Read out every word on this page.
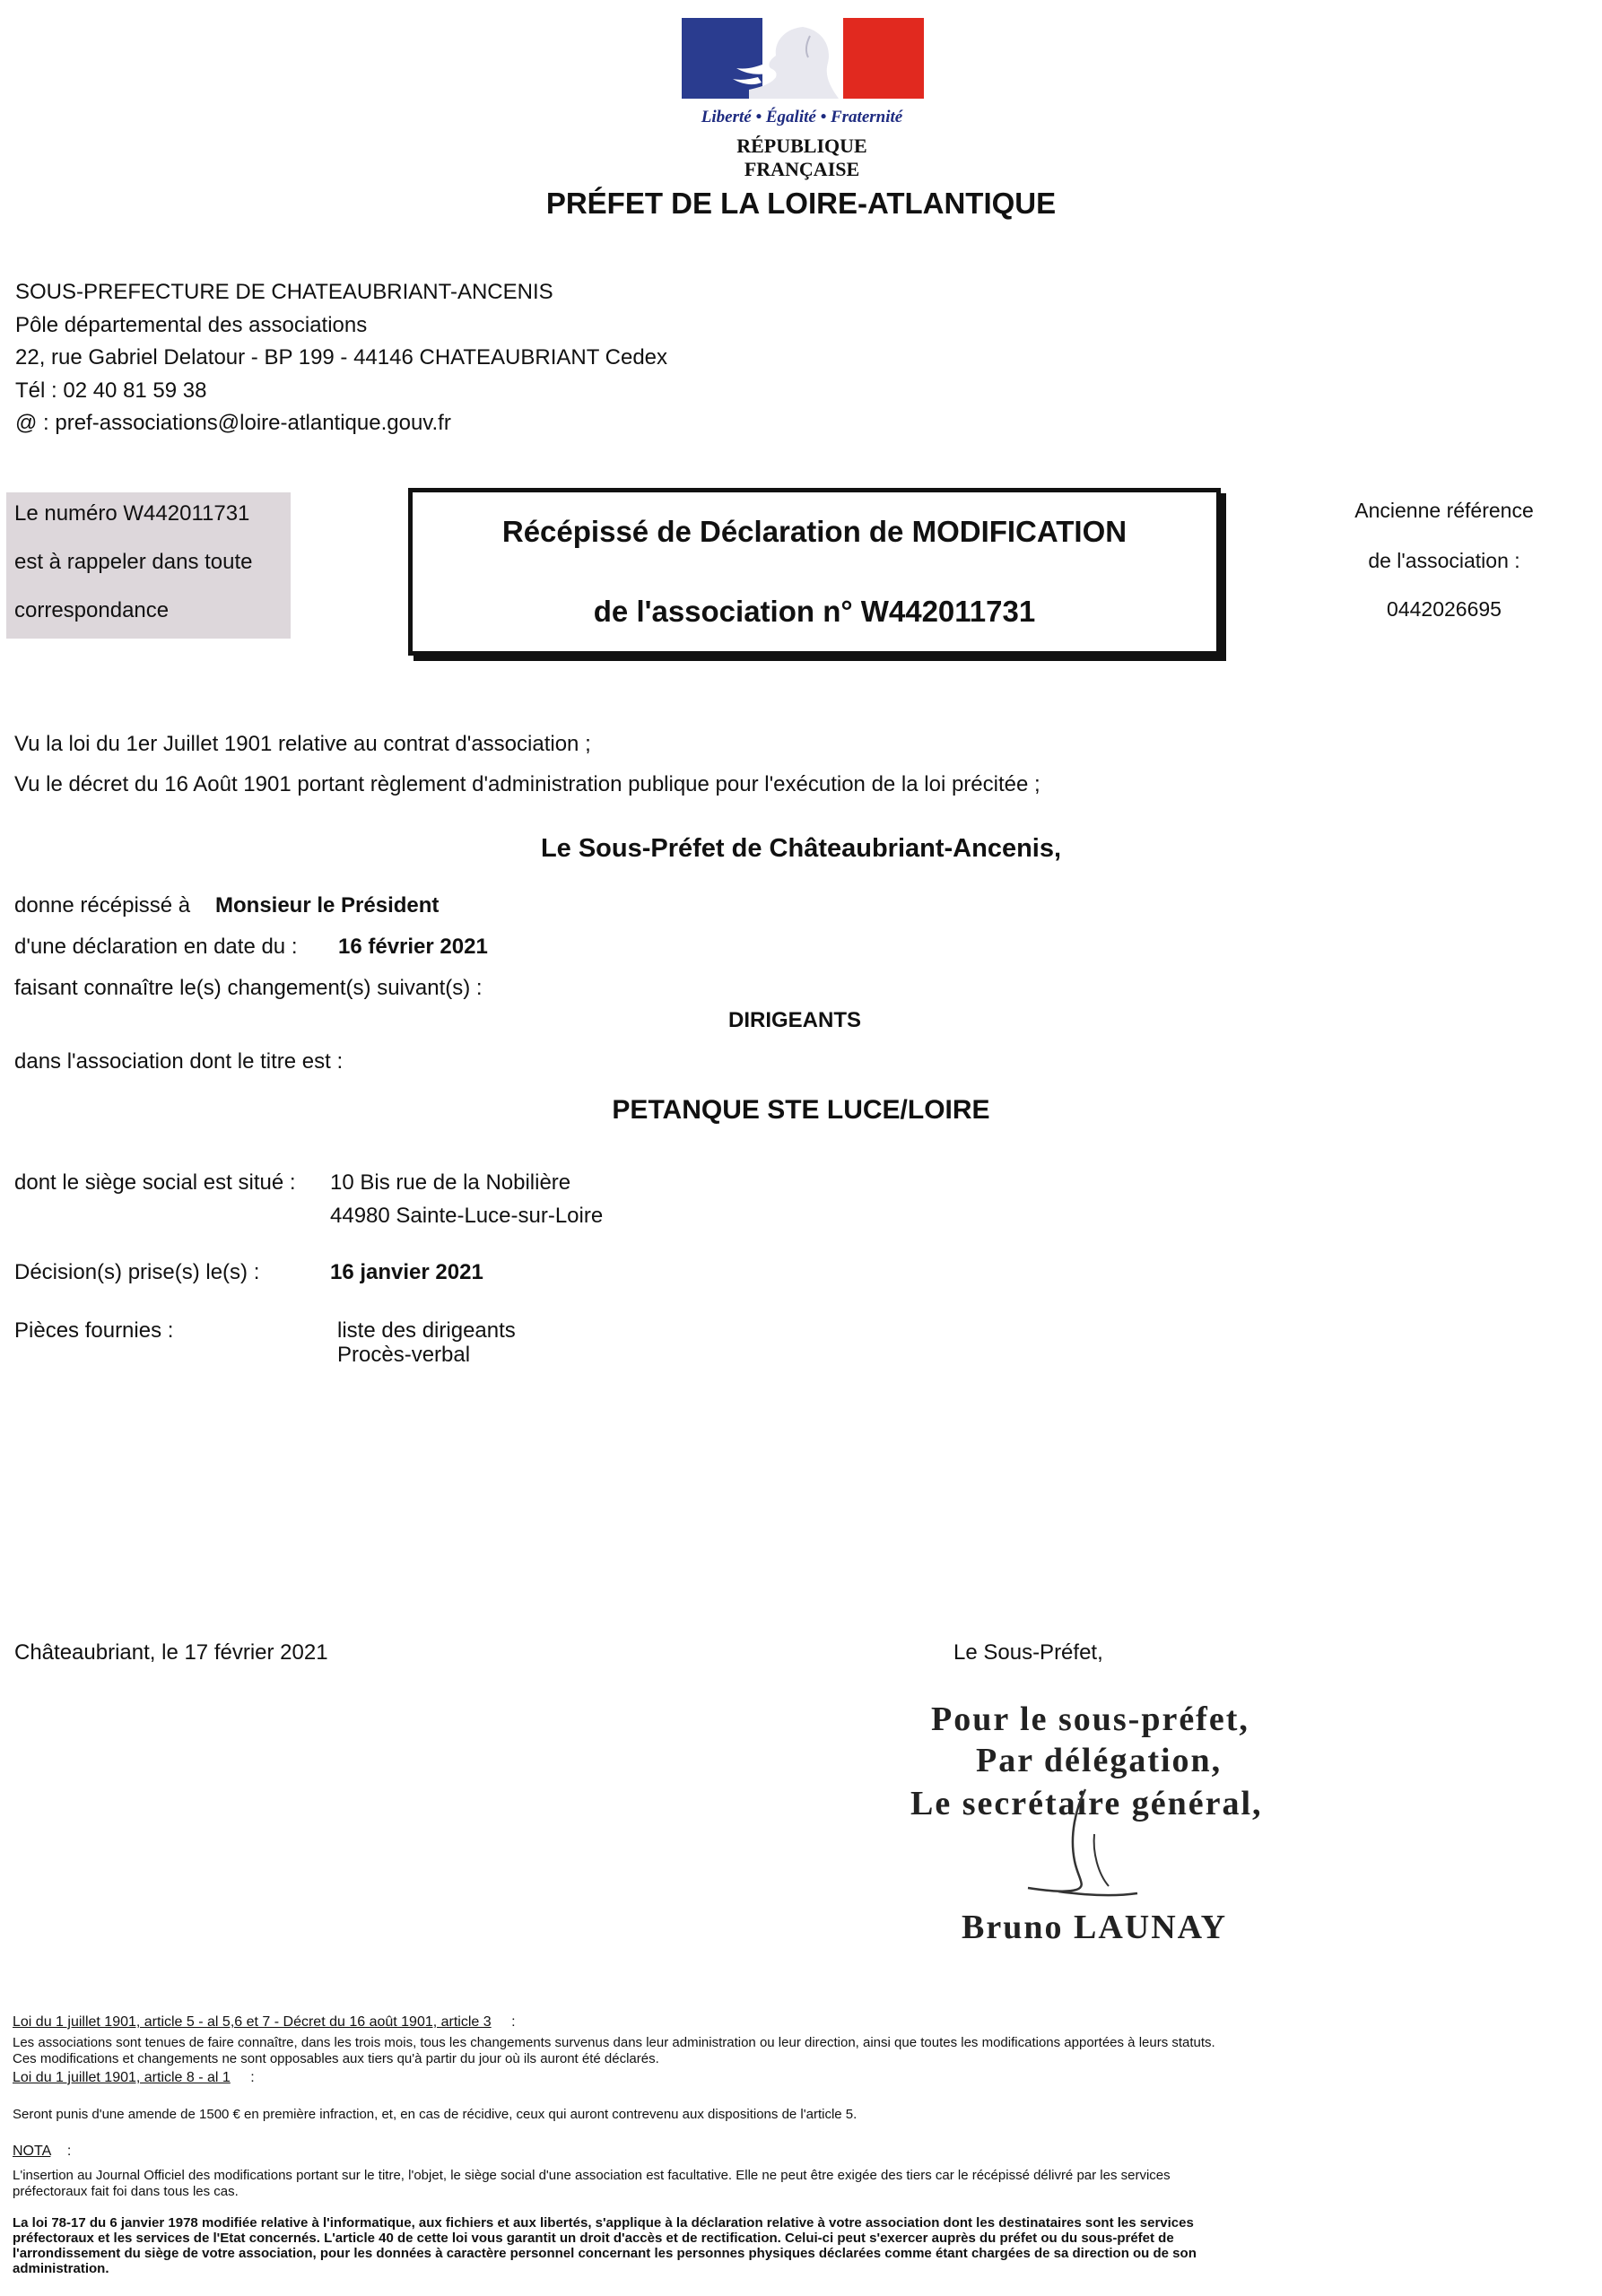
Liberté • Égalité • Fraternité
RÉPUBLIQUE FRANÇAISE
PRÉFET DE LA LOIRE-ATLANTIQUE
SOUS-PREFECTURE DE CHATEAUBRIANT-ANCENIS
Pôle départemental des associations
22, rue Gabriel Delatour - BP 199 - 44146 CHATEAUBRIANT Cedex
Tél : 02 40 81 59 38
@ : pref-associations@loire-atlantique.gouv.fr
Le numéro W442011731
est à rappeler dans toute
correspondance
Récépissé de Déclaration de MODIFICATION
de l'association n° W442011731
Ancienne référence
de l'association :
0442026695
Vu la loi du 1er Juillet 1901 relative au contrat d'association ;
Vu le décret du 16 Août 1901 portant règlement d'administration publique pour l'exécution de la loi précitée ;
Le Sous-Préfet de Châteaubriant-Ancenis,
donne récépissé à Monsieur le Président
d'une déclaration en date du : 16 février 2021
faisant connaître le(s) changement(s) suivant(s) :
DIRIGEANTS
dans l'association dont le titre est :
PETANQUE STE LUCE/LOIRE
dont le siège social est situé : 10 Bis rue de la Nobilière
44980 Sainte-Luce-sur-Loire
Décision(s) prise(s) le(s) :	16 janvier 2021
Pièces fournies :	liste des dirigeants
Procès-verbal
Châteaubriant, le 17 février 2021	Le Sous-Préfet,
Pour le sous-préfet,
Par délégation,
Le secrétaire général,
Bruno LAUNAY
Loi du 1 juillet 1901, article 5 - al 5,6 et 7 - Décret du 16 août 1901, article 3 :
Les associations sont tenues de faire connaître, dans les trois mois, tous les changements survenus dans leur administration ou leur direction, ainsi que toutes les modifications apportées à leurs statuts.
Ces modifications et changements ne sont opposables aux tiers qu'à partir du jour où ils auront été déclarés.
Loi du 1 juillet 1901, article 8 - al 1 :
Seront punis d'une amende de 1500 € en première infraction, et, en cas de récidive, ceux qui auront contrevenu aux dispositions de l'article 5.
NOTA :
L'insertion au Journal Officiel des modifications portant sur le titre, l'objet, le siège social d'une association est facultative. Elle ne peut être exigée des tiers car le récépissé délivré par les services
préfectoraux fait foi dans tous les cas.
La loi 78-17 du 6 janvier 1978 modifiée relative à l'informatique, aux fichiers et aux libertés, s'applique à la déclaration relative à votre association dont les destinataires sont les services
préfectoraux et les services de l'Etat concernés. L'article 40 de cette loi vous garantit un droit d'accès et de rectification. Celui-ci peut s'exercer auprès du préfet ou du sous-préfet de
l'arrondissement du siège de votre association, pour les données à caractère personnel concernant les personnes physiques déclarées comme étant chargées de sa direction ou de son
administration.
